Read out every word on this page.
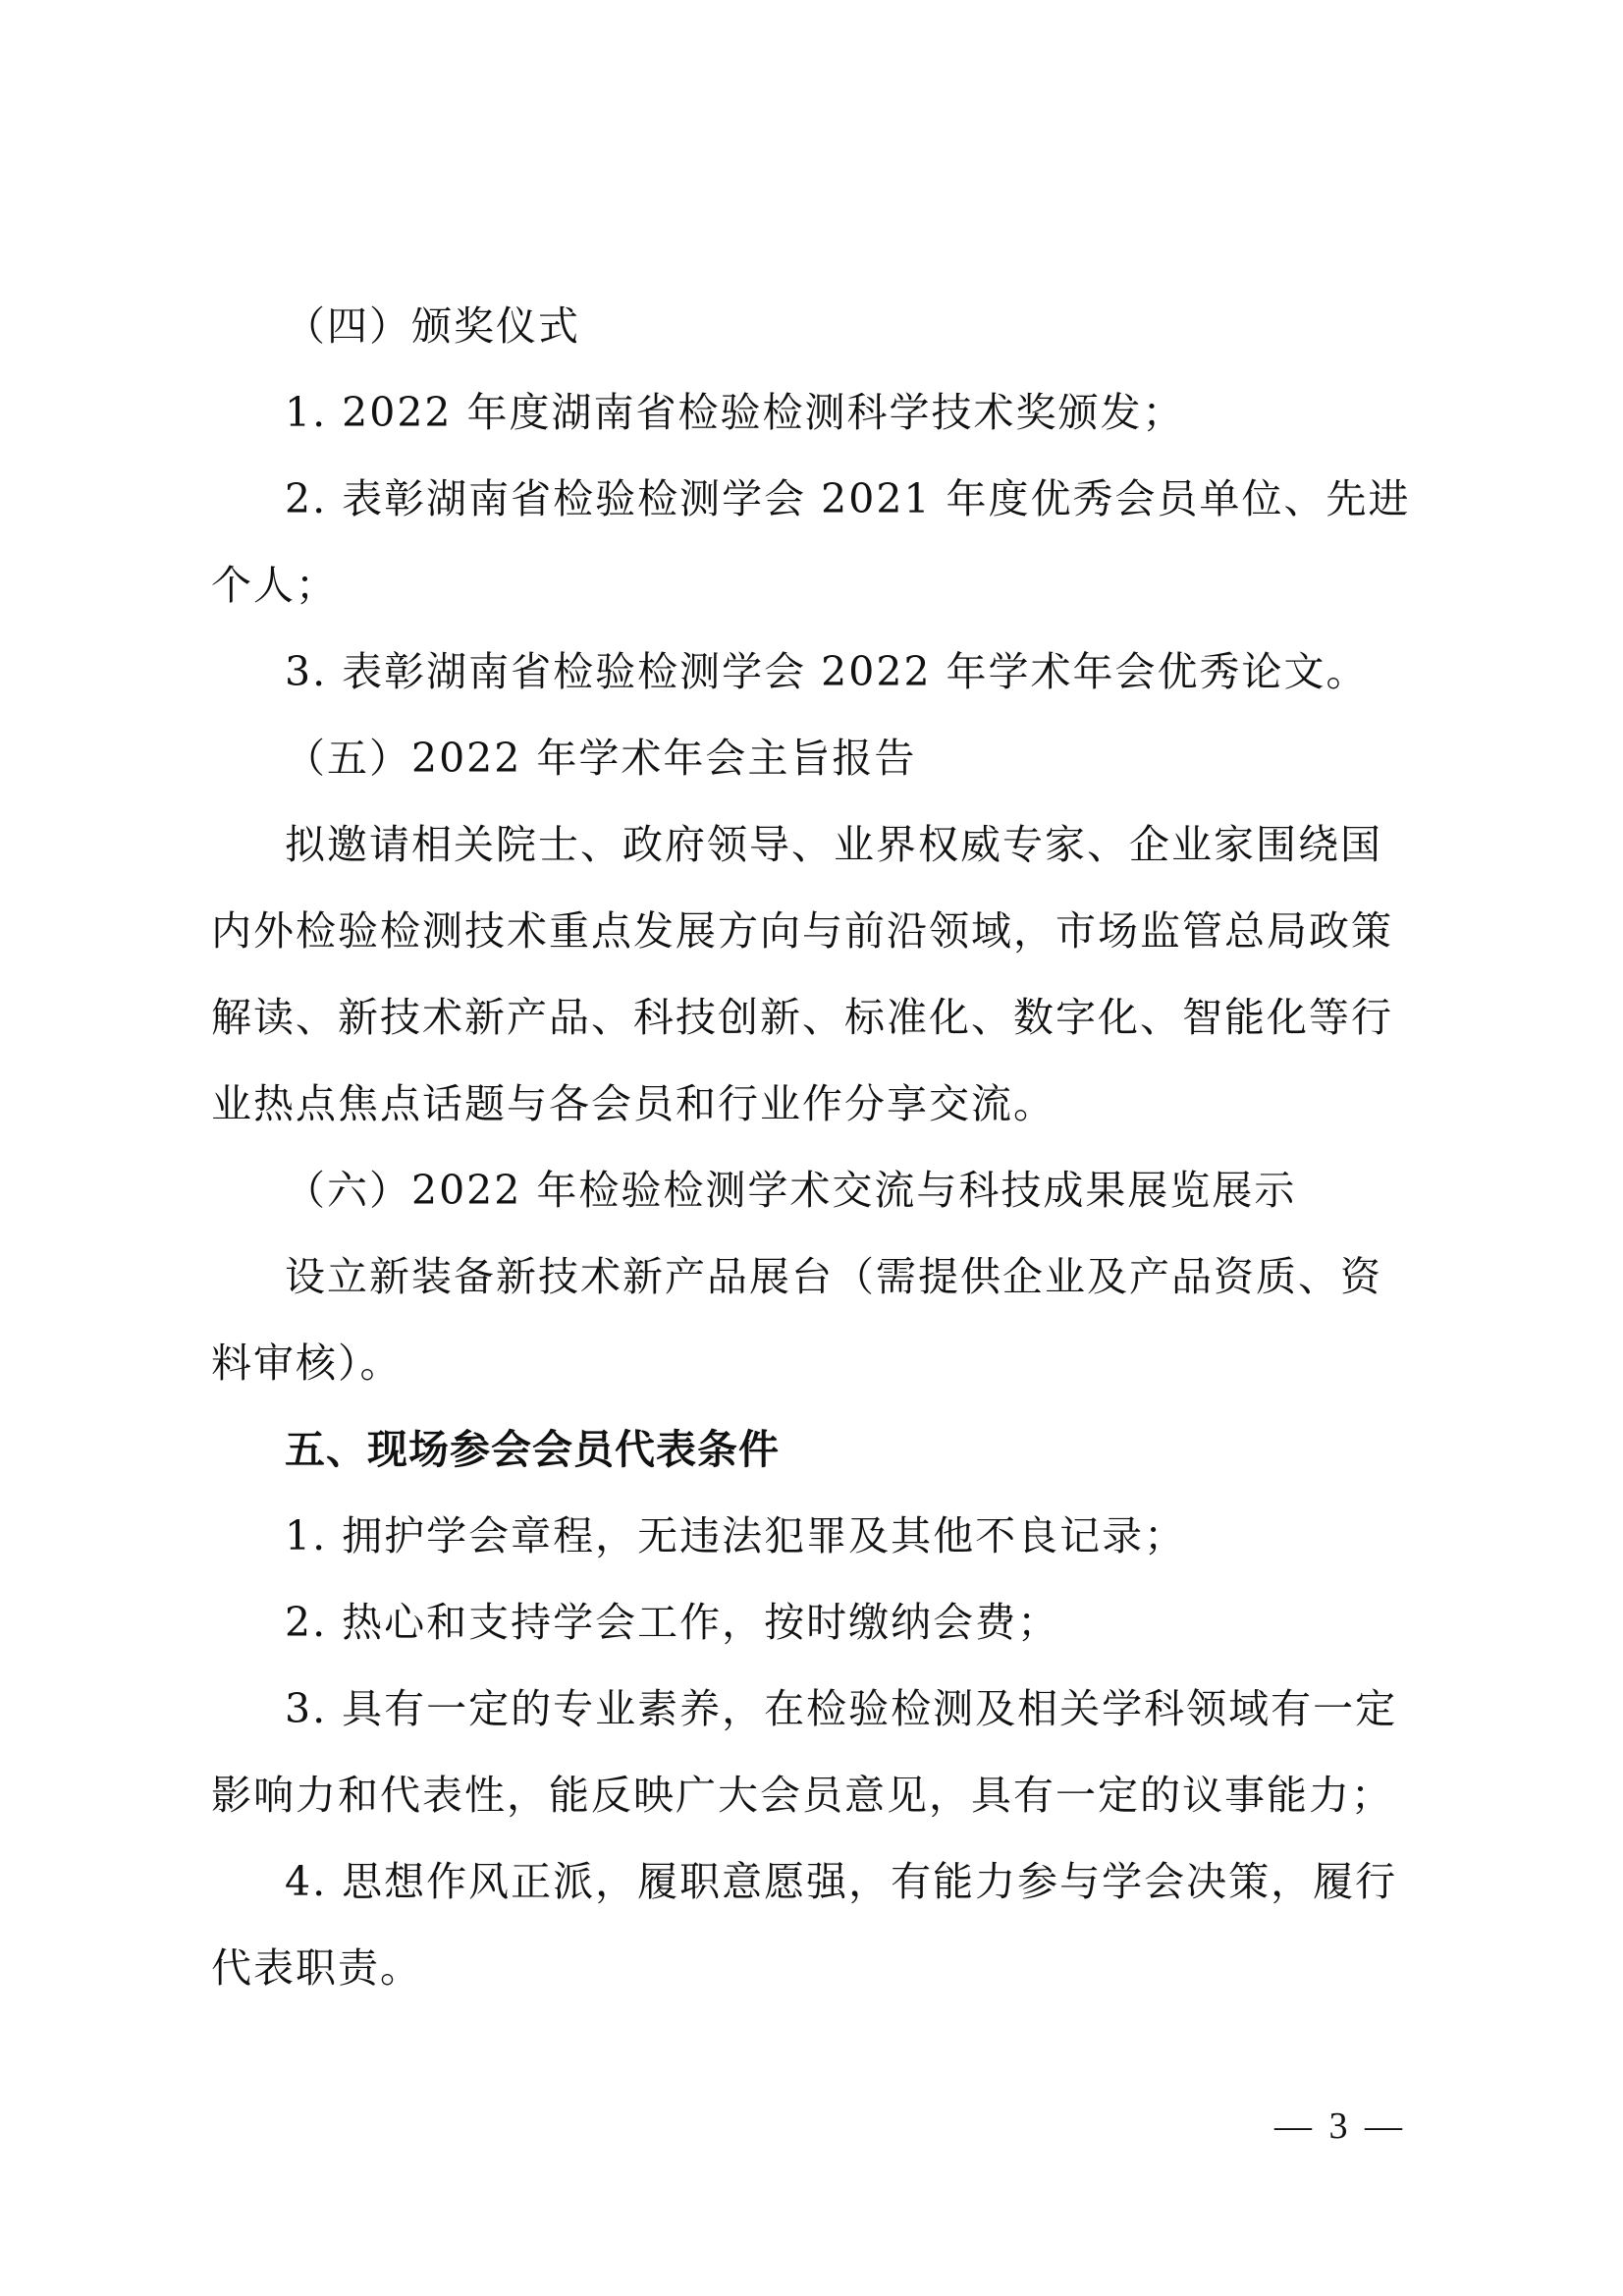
（四）颁奖仪式
1. 2022 年度湖南省检验检测科学技术奖颁发；
2. 表彰湖南省检验检测学会 2021 年度优秀会员单位、先进
个人；
3. 表彰湖南省检验检测学会 2022 年学术年会优秀论文。
（五）2022 年学术年会主旨报告
拟邀请相关院士、政府领导、业界权威专家、企业家围绕国
内外检验检测技术重点发展方向与前沿领域，市场监管总局政策
解读、新技术新产品、科技创新、标准化、数字化、智能化等行
业热点焦点话题与各会员和行业作分享交流。
（六）2022 年检验检测学术交流与科技成果展览展示
设立新装备新技术新产品展台（需提供企业及产品资质、资
料审核）。
五、现场参会会员代表条件
1. 拥护学会章程，无违法犯罪及其他不良记录；
2. 热心和支持学会工作，按时缴纳会费；
3. 具有一定的专业素养，在检验检测及相关学科领域有一定
影响力和代表性，能反映广大会员意见，具有一定的议事能力；
4. 思想作风正派，履职意愿强，有能力参与学会决策，履行
代表职责。
— 3 —
